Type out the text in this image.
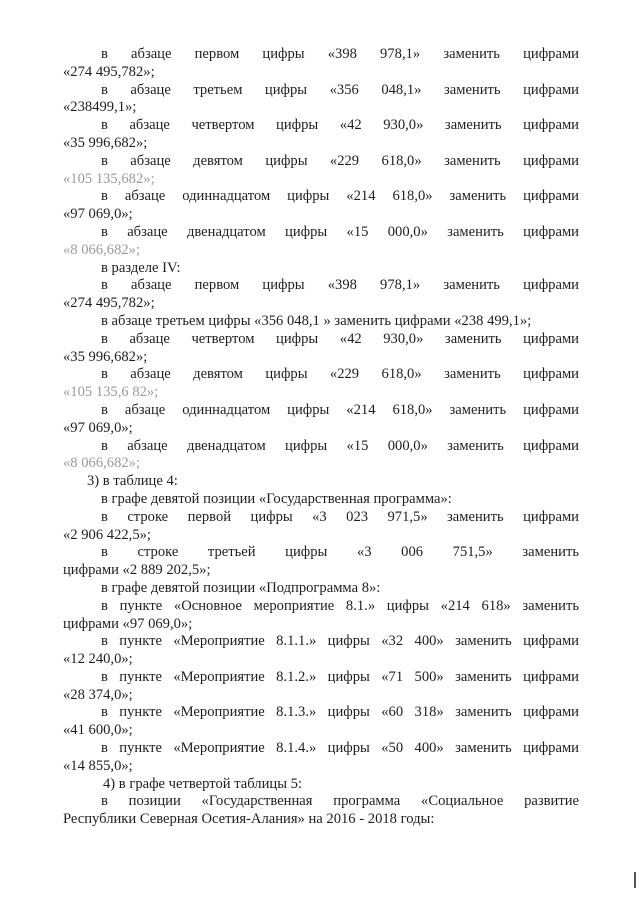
в абзаце первом цифры «398 978,1» заменить цифрами
«274 495,782»;

в абзаце третьем цифры «356 048,1» заменить цифрами
«238499,1»;

в абзаце четвертом цифры «42 930,0» заменить цифрами
«35 996,682»;

в абзаце девятом цифры «229 618,0» заменить цифрами
«105 135,682»;

в абзаце одиннадцатом цифры «214 618,0» заменить цифрами
«97 069,0»;

в абзаце двенадцатом цифры «15 000,0» заменить цифрами
«8 066,682»;

в разделе IV:

в абзаце первом цифры «398 978,1» заменить цифрами
«274 495,782»;

в абзаце третьем цифры «356 048,1 » заменить цифрами «238 499,1»;

в абзаце четвертом цифры «42 930,0» заменить цифрами
«35 996,682»;

в абзаце девятом цифры «229 618,0» заменить цифрами
«105 135,6 82»;

в абзаце одиннадцатом цифры «214 618,0» заменить цифрами
«97 069,0»;

в абзаце двенадцатом цифры «15 000,0» заменить цифрами
«8 066,682»;

3) в таблице 4:

в графе девятой позиции «Государственная программа»:

в строке первой цифры «3 023 971,5» заменить цифрами
«2 906 422,5»;

в строке третьей цифры «3 006 751,5» заменить
цифрами «2 889 202,5»;

в графе девятой позиции «Подпрограмма 8»:

в пункте «Основное мероприятие 8.1.» цифры «214 618» заменить
цифрами «97 069,0»;

в пункте «Мероприятие 8.1.1.» цифры «32 400» заменить цифрами
«12 240,0»;

в пункте «Мероприятие 8.1.2.» цифры «71 500» заменить цифрами
«28 374,0»;

в пункте «Мероприятие 8.1.3.» цифры «60 318» заменить цифрами
«41 600,0»;

в пункте «Мероприятие 8.1.4.» цифры «50 400» заменить цифрами
«14 855,0»;

4) в графе четвертой таблицы 5:

в позиции «Государственная программа «Социальное развитие
Республики Северная Осетия-Алания» на 2016 - 2018 годы:
